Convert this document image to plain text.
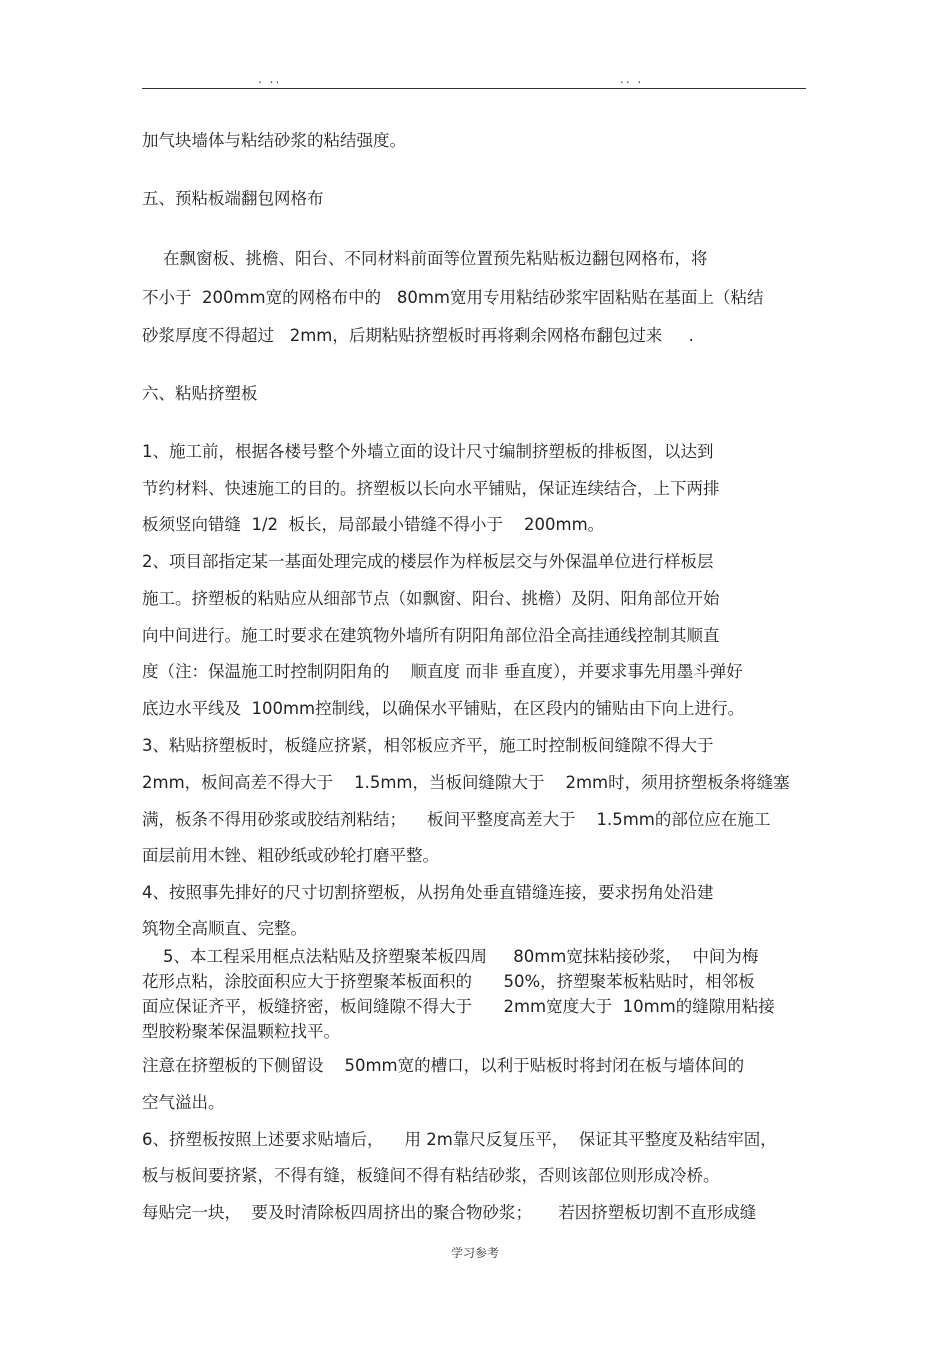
. ..	.. .
加气块墙体与粘结砂浆的粘结强度。
五、预粘板端翻包网格布
在飘窗板、挑檐、阳台、不同材料前面等位置预先粘贴板边翻包网格布，将
不小于  200mm宽的网格布中的   80mm宽用专用粘结砂浆牢固粘贴在基面上（粘结
砂浆厚度不得超过   2mm，后期粘贴挤塑板时再将剩余网格布翻包过来     .
六、粘贴挤塑板
1、施工前，根据各楼号整个外墙立面的设计尺寸编制挤塑板的排板图，以达到
节约材料、快速施工的目的。挤塑板以长向水平铺贴，保证连续结合，上下两排
板须竖向错缝  1/2  板长，局部最小错缝不得小于    200mm。
2、项目部指定某一基面处理完成的楼层作为样板层交与外保温单位进行样板层
施工。挤塑板的粘贴应从细部节点（如飘窗、阳台、挑檐）及阴、阳角部位开始
向中间进行。施工时要求在建筑物外墙所有阴阳角部位沿全高挂通线控制其顺直
度（注：保温施工时控制阴阳角的    顺直度 而非 垂直度），并要求事先用墨斗弹好
底边水平线及  100mm控制线，以确保水平铺贴，在区段内的铺贴由下向上进行。
3、粘贴挤塑板时，板缝应挤紧，相邻板应齐平，施工时控制板间缝隙不得大于
2mm，板间高差不得大于    1.5mm，当板间缝隙大于    2mm时，须用挤塑板条将缝塞
满，板条不得用砂浆或胶结剂粘结；    板间平整度高差大于    1.5mm的部位应在施工
面层前用木锉、粗砂纸或砂轮打磨平整。
4、按照事先排好的尺寸切割挤塑板，从拐角处垂直错缝连接，要求拐角处沿建
筑物全高顺直、完整。
5、本工程采用框点法粘贴及挤塑聚苯板四周     80mm宽抹粘接砂浆，  中间为梅
花形点粘，涂胶面积应大于挤塑聚苯板面积的      50%，挤塑聚苯板粘贴时，相邻板
面应保证齐平，板缝挤密，板间缝隙不得大于      2mm宽度大于  10mm的缝隙用粘接
型胶粉聚苯保温颗粒找平。
注意在挤塑板的下侧留设    50mm宽的槽口，以利于贴板时将封闭在板与墙体间的
空气溢出。
6、挤塑板按照上述要求贴墙后，    用 2m靠尺反复压平，  保证其平整度及粘结牢固，
板与板间要挤紧，不得有缝，板缝间不得有粘结砂浆，否则该部位则形成冷桥。
每贴完一块，  要及时清除板四周挤出的聚合物砂浆；     若因挤塑板切割不直形成缝
学习参考
